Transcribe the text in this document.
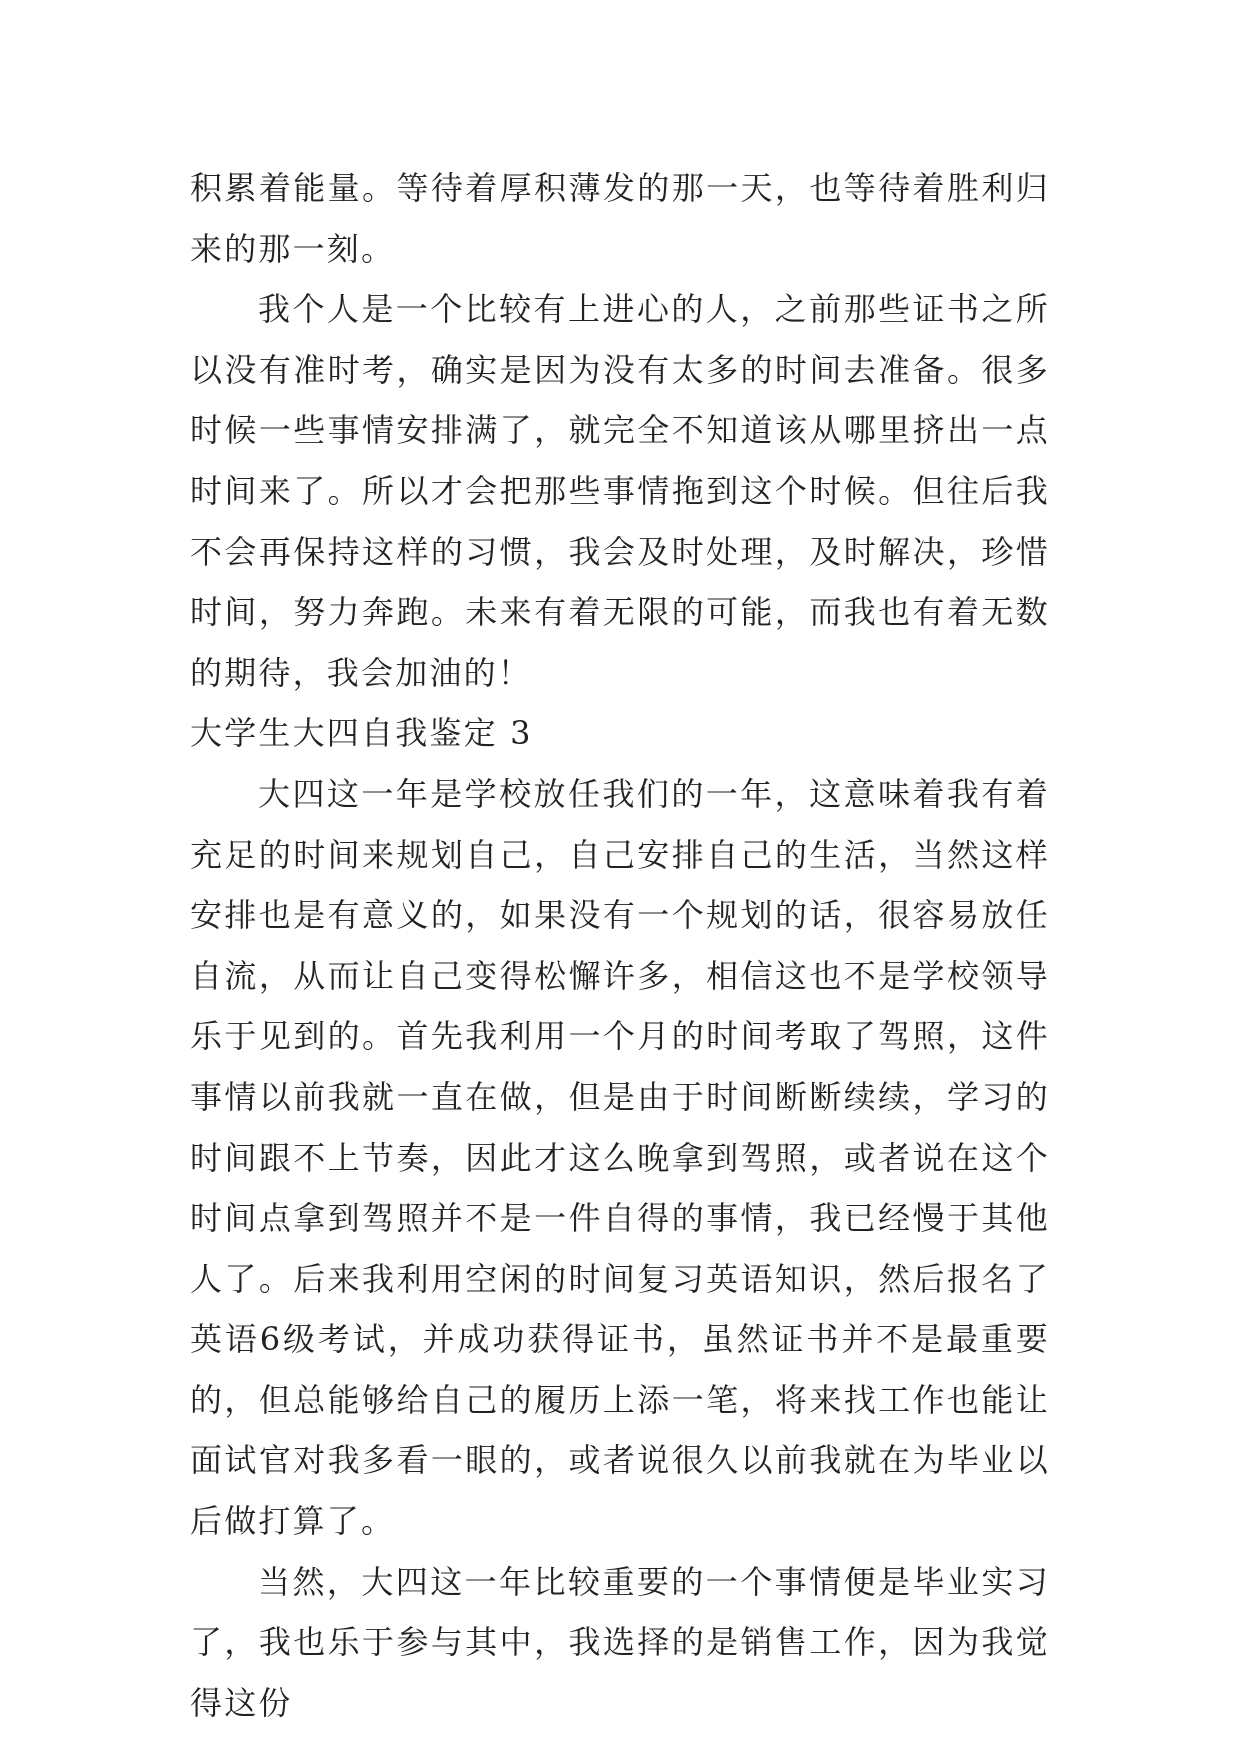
积累着能量。等待着厚积薄发的那一天，也等待着胜利归来的那一刻。

我个人是一个比较有上进心的人，之前那些证书之所以没有准时考，确实是因为没有太多的时间去准备。很多时候一些事情安排满了，就完全不知道该从哪里挤出一点时间来了。所以才会把那些事情拖到这个时候。但往后我不会再保持这样的习惯，我会及时处理，及时解决，珍惜时间，努力奔跑。未来有着无限的可能，而我也有着无数的期待，我会加油的！

大学生大四自我鉴定 3

大四这一年是学校放任我们的一年，这意味着我有着充足的时间来规划自己，自己安排自己的生活，当然这样安排也是有意义的，如果没有一个规划的话，很容易放任自流，从而让自己变得松懈许多，相信这也不是学校领导乐于见到的。首先我利用一个月的时间考取了驾照，这件事情以前我就一直在做，但是由于时间断断续续，学习的时间跟不上节奏，因此才这么晚拿到驾照，或者说在这个时间点拿到驾照并不是一件自得的事情，我已经慢于其他人了。后来我利用空闲的时间复习英语知识，然后报名了英语6级考试，并成功获得证书，虽然证书并不是最重要的，但总能够给自己的履历上添一笔，将来找工作也能让面试官对我多看一眼的，或者说很久以前我就在为毕业以后做打算了。

当然，大四这一年比较重要的一个事情便是毕业实习了，我也乐于参与其中，我选择的是销售工作，因为我觉得这份
